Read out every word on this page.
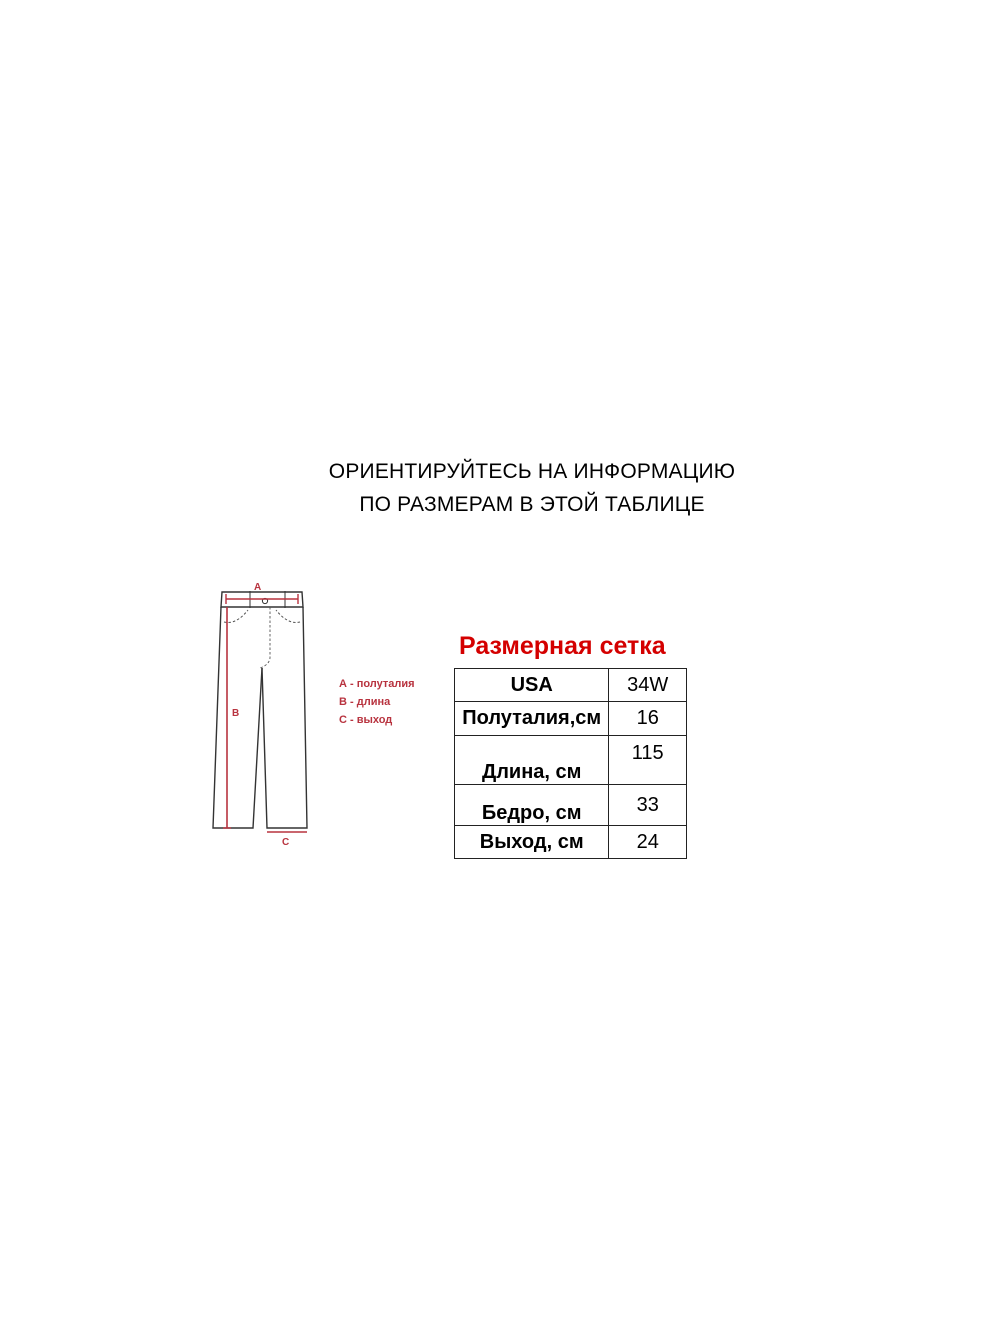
ОРИЕНТИРУЙТЕСЬ НА ИНФОРМАЦИЮ
ПО РАЗМЕРАМ В ЭТОЙ ТАБЛИЦЕ
A
B
C
А - полуталия
В - длина
С - выход
Размерная сетка
USA	34W
Полуталия,см	16
Длина, см	115
Бедро, см	33
Выход, см	24
